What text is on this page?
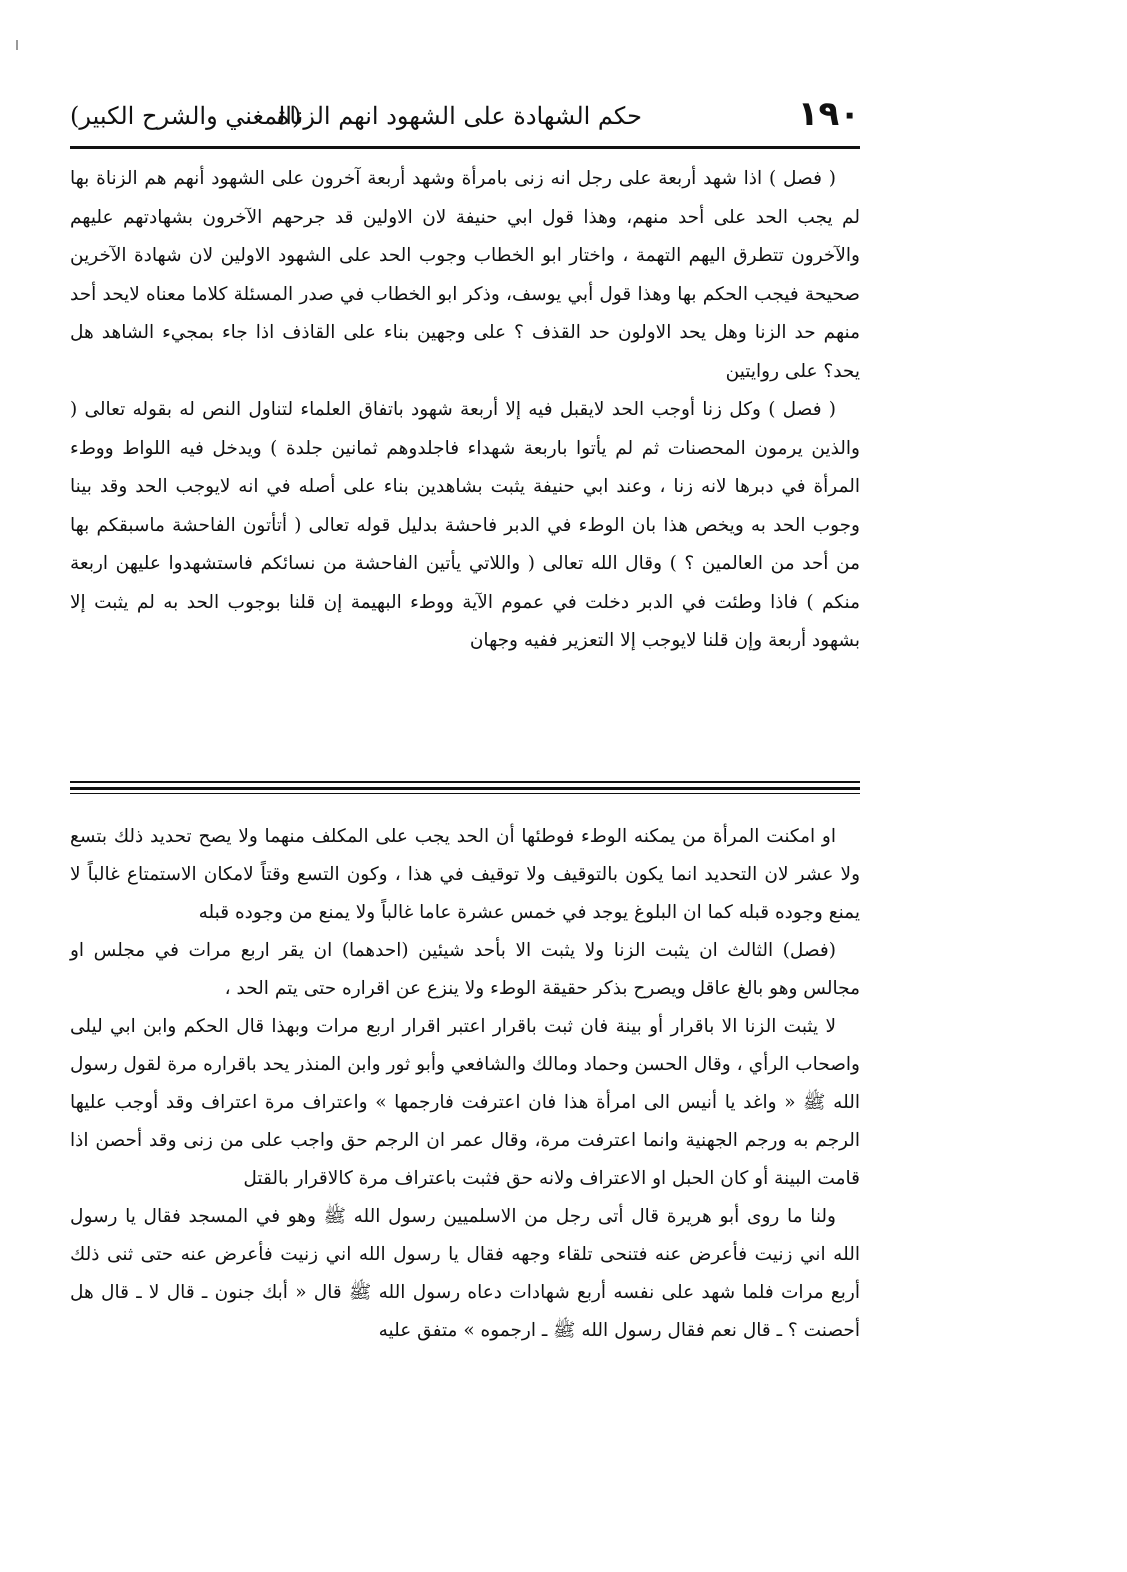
١٩٠
حكم الشهادة على الشهود انهم الزناة
(المغني والشرح الكبير)

( فصل ) اذا شهد أربعة على رجل انه زنى بامرأة وشهد أربعة آخرون على الشهود أنهم هم الزناة بها لم يجب الحد على أحد منهم، وهذا قول ابي حنيفة لان الاولين قد جرحهم الآخرون بشهادتهم عليهم والآخرون تتطرق اليهم التهمة ، واختار ابو الخطاب وجوب الحد على الشهود الاولين لان شهادة الآخرين صحيحة فيجب الحكم بها وهذا قول أبي يوسف، وذكر ابو الخطاب في صدر المسئلة كلاما معناه لايحد أحد منهم حد الزنا وهل يحد الاولون حد القذف ؟ على وجهين بناء على القاذف اذا جاء بمجيء الشاهد هل يحد؟ على روايتين

( فصل ) وكل زنا أوجب الحد لايقبل فيه إلا أربعة شهود باتفاق العلماء لتناول النص له بقوله تعالى ( والذين يرمون المحصنات ثم لم يأتوا باربعة شهداء فاجلدوهم ثمانين جلدة ) ويدخل فيه اللواط ووطء المرأة في دبرها لانه زنا ، وعند ابي حنيفة يثبت بشاهدين بناء على أصله في انه لايوجب الحد وقد بينا وجوب الحد به ويخص هذا بان الوطء في الدبر فاحشة بدليل قوله تعالى ( أتأتون الفاحشة ماسبقكم بها من أحد من العالمين ؟ ) وقال الله تعالى ( واللاتي يأتين الفاحشة من نسائكم فاستشهدوا عليهن اربعة منكم ) فاذا وطئت في الدبر دخلت في عموم الآية ووطء البهيمة إن قلنا بوجوب الحد به لم يثبت إلا بشهود أربعة وإن قلنا لايوجب إلا التعزير ففيه وجهان

او امكنت المرأة من يمكنه الوطء فوطئها أن الحد يجب على المكلف منهما ولا يصح تحديد ذلك بتسع ولا عشر لان التحديد انما يكون بالتوقيف ولا توقيف في هذا ، وكون التسع وقتاً لامكان الاستمتاع غالباً لا يمنع وجوده قبله كما ان البلوغ يوجد في خمس عشرة عاما غالباً ولا يمنع من وجوده قبله

(فصل) الثالث ان يثبت الزنا ولا يثبت الا بأحد شيئين (احدهما) ان يقر اربع مرات في مجلس او مجالس وهو بالغ عاقل ويصرح بذكر حقيقة الوطء ولا ينزع عن اقراره حتى يتم الحد ،

لا يثبت الزنا الا باقرار أو بينة فان ثبت باقرار اعتبر اقرار اربع مرات وبهذا قال الحكم وابن ابي ليلى واصحاب الرأي ، وقال الحسن وحماد ومالك والشافعي وأبو ثور وابن المنذر يحد باقراره مرة لقول رسول الله ﷺ « واغد يا أنيس الى امرأة هذا فان اعترفت فارجمها » واعتراف مرة اعتراف وقد أوجب عليها الرجم به ورجم الجهنية وانما اعترفت مرة، وقال عمر ان الرجم حق واجب على من زنى وقد أحصن اذا قامت البينة أو كان الحبل او الاعتراف ولانه حق فثبت باعتراف مرة كالاقرار بالقتل

ولنا ما روى أبو هريرة قال أتى رجل من الاسلميين رسول الله ﷺ وهو في المسجد فقال يا رسول الله اني زنيت فأعرض عنه فتنحى تلقاء وجهه فقال يا رسول الله اني زنيت فأعرض عنه حتى ثنى ذلك أربع مرات فلما شهد على نفسه أربع شهادات دعاه رسول الله ﷺ قال « أبك جنون ـ قال لا ـ قال هل أحصنت ؟ ـ قال نعم فقال رسول الله ﷺ ـ ارجموه » متفق عليه
